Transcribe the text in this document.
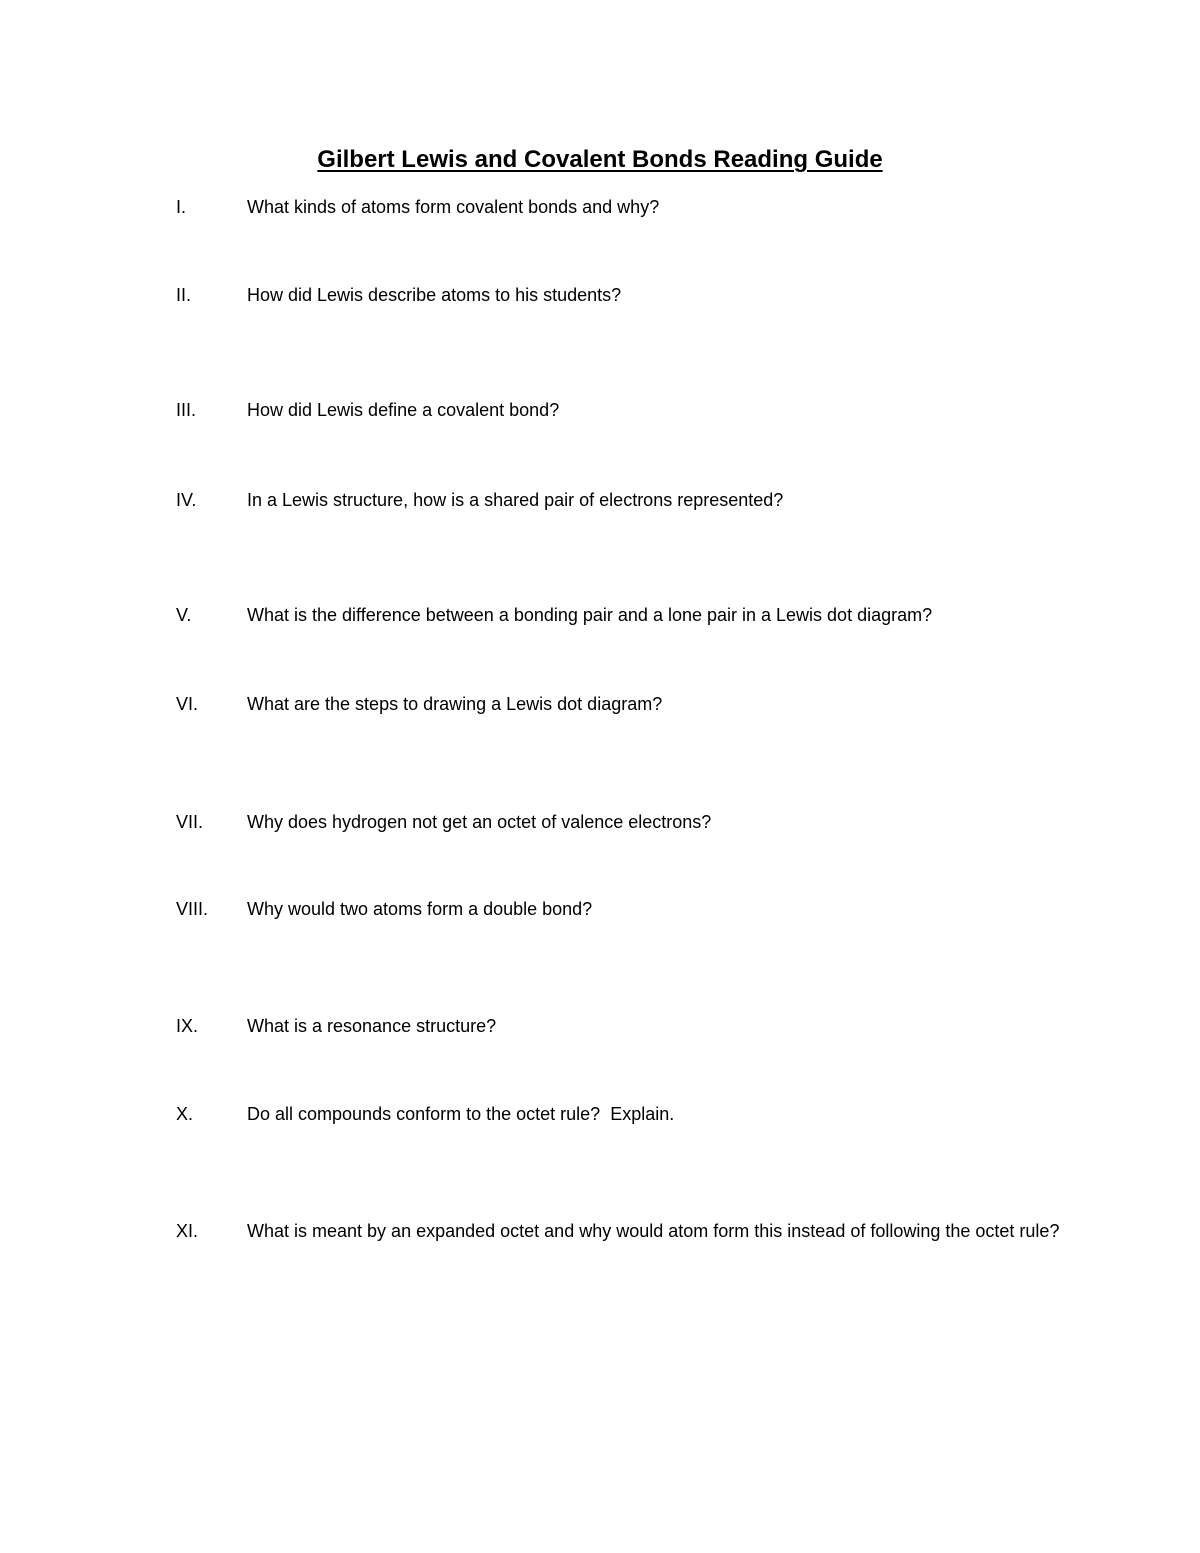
Gilbert Lewis and Covalent Bonds Reading Guide
I.	What kinds of atoms form covalent bonds and why?
II.	How did Lewis describe atoms to his students?
III.	How did Lewis define a covalent bond?
IV.	In a Lewis structure, how is a shared pair of electrons represented?
V.	What is the difference between a bonding pair and a lone pair in a Lewis dot diagram?
VI.	What are the steps to drawing a Lewis dot diagram?
VII. Why does hydrogen not get an octet of valence electrons?
VIII. Why would two atoms form a double bond?
IX.	What is a resonance structure?
X.	Do all compounds conform to the octet rule?  Explain.
XI.	What is meant by an expanded octet and why would atom form this instead of following the octet rule?
